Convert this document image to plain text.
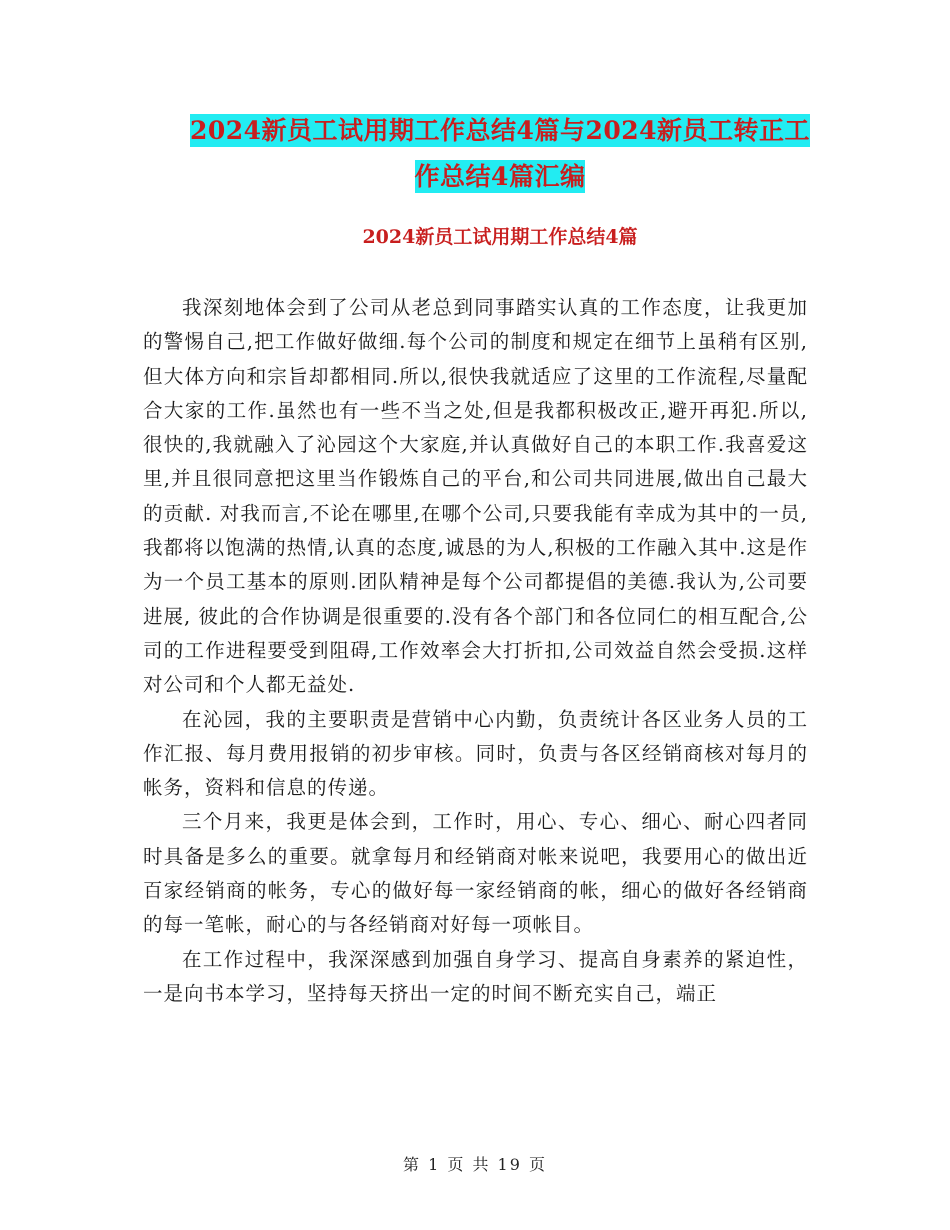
2024新员工试用期工作总结4篇与2024新员工转正工
作总结4篇汇编
2024新员工试用期工作总结4篇

我深刻地体会到了公司从老总到同事踏实认真的工作态度，让我更加的警惕自己,把工作做好做细.每个公司的制度和规定在细节上虽稍有区别,但大体方向和宗旨却都相同.所以,很快我就适应了这里的工作流程,尽量配合大家的工作.虽然也有一些不当之处,但是我都积极改正,避开再犯.所以,很快的,我就融入了沁园这个大家庭,并认真做好自己的本职工作.我喜爱这里,并且很同意把这里当作锻炼自己的平台,和公司共同进展,做出自己最大的贡献. 对我而言,不论在哪里,在哪个公司,只要我能有幸成为其中的一员,我都将以饱满的热情,认真的态度,诚恳的为人,积极的工作融入其中.这是作为一个员工基本的原则.团队精神是每个公司都提倡的美德.我认为,公司要进展, 彼此的合作协调是很重要的.没有各个部门和各位同仁的相互配合,公司的工作进程要受到阻碍,工作效率会大打折扣,公司效益自然会受损.这样对公司和个人都无益处.

在沁园，我的主要职责是营销中心内勤，负责统计各区业务人员的工作汇报、每月费用报销的初步审核。同时，负责与各区经销商核对每月的帐务，资料和信息的传递。

三个月来，我更是体会到，工作时，用心、专心、细心、耐心四者同时具备是多么的重要。就拿每月和经销商对帐来说吧，我要用心的做出近百家经销商的帐务，专心的做好每一家经销商的帐，细心的做好各经销商的每一笔帐，耐心的与各经销商对好每一项帐目。

在工作过程中，我深深感到加强自身学习、提高自身素养的紧迫性，一是向书本学习，坚持每天挤出一定的时间不断充实自己，端正

第 1 页 共 19 页
